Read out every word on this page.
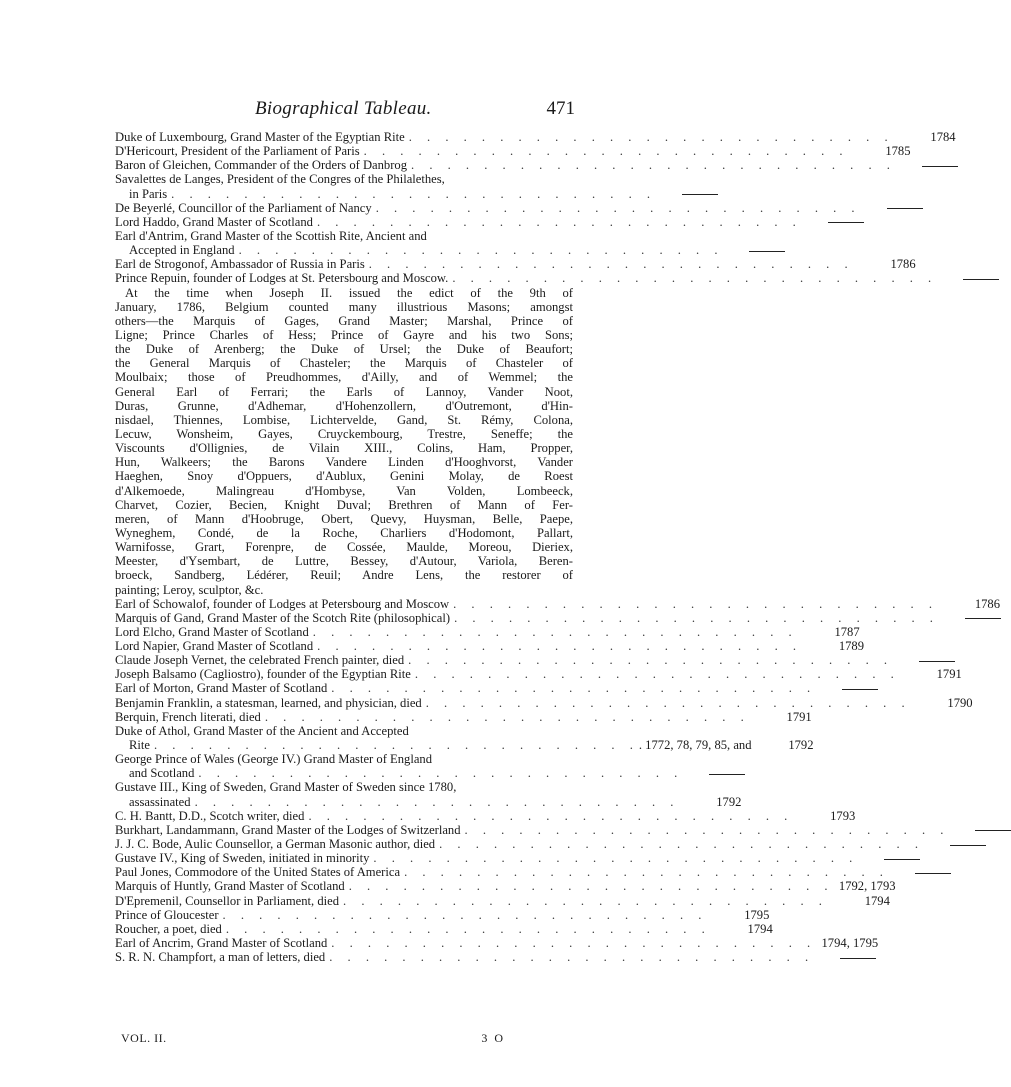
Biographical Tableau.	471
Duke of Luxembourg, Grand Master of the Egyptian Rite . . . . . . . . . . . . . . . . . . . . . . . . . . .	1784
D'Hericourt, President of the Parliament of Paris . . . . . . . . . . . . . . . . . . . . . . . . . . .	1785
Baron of Gleichen, Commander of the Orders of Danbrog . . . . . . . . . . . . . . . . . . . . . . . . . . .
Savalettes de Langes, President of the Congres of the Philalethes,
in Paris . . . . . . . . . . . . . . . . . . . . . . . . . . .
De Beyerlé, Councillor of the Parliament of Nancy . . . . . . . . . . . . . . . . . . . . . . . . . . .
Lord Haddo, Grand Master of Scotland . . . . . . . . . . . . . . . . . . . . . . . . . . .
Earl d'Antrim, Grand Master of the Scottish Rite, Ancient and
Accepted in England . . . . . . . . . . . . . . . . . . . . . . . . . . .
Earl de Strogonof, Ambassador of Russia in Paris . . . . . . . . . . . . . . . . . . . . . . . . . . .	1786
Prince Repuin, founder of Lodges at St. Petersbourg and Moscow. . . . . . . . . . . . . . . . . . . . . . . . . . . .
At the time when Joseph II. issued the edict of the 9th of
January, 1786, Belgium counted many illustrious Masons; amongst
others—the Marquis of Gages, Grand Master; Marshal, Prince of
Ligne; Prince Charles of Hess; Prince of Gayre and his two Sons;
the Duke of Arenberg; the Duke of Ursel; the Duke of Beaufort;
the General Marquis of Chasteler; the Marquis of Chasteler of
Moulbaix; those of Preudhommes, d'Ailly, and of Wemmel; the
General Earl of Ferrari; the Earls of Lannoy, Vander Noot,
Duras, Grunne, d'Adhemar, d'Hohenzollern, d'Outremont, d'Hin-
nisdael, Thiennes, Lombise, Lichtervelde, Gand, St. Rémy, Colona,
Lecuw, Wonsheim, Gayes, Cruyckembourg, Trestre, Seneffe; the
Viscounts d'Ollignies, de Vilain XIII., Colins, Ham, Propper,
Hun, Walkeers; the Barons Vandere Linden d'Hooghvorst, Vander
Haeghen, Snoy d'Oppuers, d'Aublux, Genini Molay, de Roest
d'Alkemoede, Malingreau d'Hombyse, Van Volden, Lombeeck,
Charvet, Cozier, Becien, Knight Duval; Brethren of Mann of Fer-
meren, of Mann d'Hoobruge, Obert, Quevy, Huysman, Belle, Paepe,
Wyneghem, Condé, de la Roche, Charliers d'Hodomont, Pallart,
Warnifosse, Grart, Forenpre, de Cossée, Maulde, Moreou, Dieriex,
Meester, d'Ysembart, de Luttre, Bessey, d'Autour, Variola, Beren-
broeck, Sandberg, Lédérer, Reuil; Andre Lens, the restorer of
painting; Leroy, sculptor, &c.
Earl of Schowalof, founder of Lodges at Petersbourg and Moscow . . . . . . . . . . . . . . . . . . . . . . . . . . .	1786
Marquis of Gand, Grand Master of the Scotch Rite (philosophical) . . . . . . . . . . . . . . . . . . . . . . . . . . .
Lord Elcho, Grand Master of Scotland . . . . . . . . . . . . . . . . . . . . . . . . . . .	1787
Lord Napier, Grand Master of Scotland . . . . . . . . . . . . . . . . . . . . . . . . . . .	1789
Claude Joseph Vernet, the celebrated French painter, died . . . . . . . . . . . . . . . . . . . . . . . . . . .
Joseph Balsamo (Cagliostro), founder of the Egyptian Rite . . . . . . . . . . . . . . . . . . . . . . . . . . .	1791
Earl of Morton, Grand Master of Scotland . . . . . . . . . . . . . . . . . . . . . . . . . . .
Benjamin Franklin, a statesman, learned, and physician, died . . . . . . . . . . . . . . . . . . . . . . . . . . .	1790
Berquin, French literati, died . . . . . . . . . . . . . . . . . . . . . . . . . . .	1791
Duke of Athol, Grand Master of the Ancient and Accepted
Rite . . . . . . . . . . . . . . . . . . . . . . . . . . . . 1772, 78, 79, 85, and	1792
George Prince of Wales (George IV.) Grand Master of England
and Scotland . . . . . . . . . . . . . . . . . . . . . . . . . . .
Gustave III., King of Sweden, Grand Master of Sweden since 1780,
assassinated . . . . . . . . . . . . . . . . . . . . . . . . . . .	1792
C. H. Bantt, D.D., Scotch writer, died . . . . . . . . . . . . . . . . . . . . . . . . . . .	1793
Burkhart, Landammann, Grand Master of the Lodges of Switzerland . . . . . . . . . . . . . . . . . . . . . . . . . . .
J. J. C. Bode, Aulic Counsellor, a German Masonic author, died . . . . . . . . . . . . . . . . . . . . . . . . . . .
Gustave IV., King of Sweden, initiated in minority . . . . . . . . . . . . . . . . . . . . . . . . . . .
Paul Jones, Commodore of the United States of America . . . . . . . . . . . . . . . . . . . . . . . . . . .
Marquis of Huntly, Grand Master of Scotland . . . . . . . . . . . . . . . . . . . . . . . . . . . 1792, 1793
D'Epremenil, Counsellor in Parliament, died . . . . . . . . . . . . . . . . . . . . . . . . . . .	1794
Prince of Gloucester . . . . . . . . . . . . . . . . . . . . . . . . . . .	1795
Roucher, a poet, died . . . . . . . . . . . . . . . . . . . . . . . . . . .	1794
Earl of Ancrim, Grand Master of Scotland . . . . . . . . . . . . . . . . . . . . . . . . . . . 1794, 1795
S. R. N. Champfort, a man of letters, died . . . . . . . . . . . . . . . . . . . . . . . . . . .
VOL. II.	3 O
